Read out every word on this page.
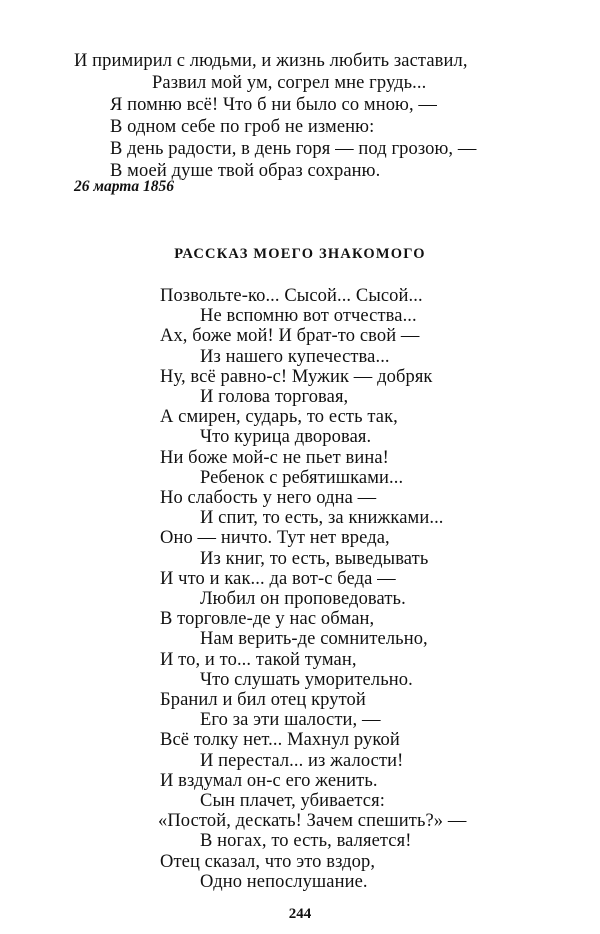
И примирил с людьми, и жизнь любить заставил,
Развил мой ум, согрел мне грудь...
Я помню всё! Что б ни было со мною, —
В одном себе по гроб не изменю:
В день радости, в день горя — под грозою, —
В моей душе твой образ сохраню.
26 марта 1856
РАССКАЗ МОЕГО ЗНАКОМОГО
Позвольте-ко... Сысой... Сысой...
Не вспомню вот отчества...
Ах, боже мой! И брат-то свой —
Из нашего купечества...
Ну, всё равно-с! Мужик — добряк
И голова торговая,
А смирен, сударь, то есть так,
Что курица дворовая.
Ни боже мой-с не пьет вина!
Ребенок с ребятишками...
Но слабость у него одна —
И спит, то есть, за книжками...
Оно — ничто. Тут нет вреда,
Из книг, то есть, выведывать
И что и как... да вот-с беда —
Любил он проповедовать.
В торговле-де у нас обман,
Нам верить-де сомнительно,
И то, и то... такой туман,
Что слушать уморительно.
Бранил и бил отец крутой
Его за эти шалости, —
Всё толку нет... Махнул рукой
И перестал... из жалости!
И вздумал он-с его женить.
Сын плачет, убивается:
«Постой, дескать! Зачем спешить?» —
В ногах, то есть, валяется!
Отец сказал, что это вздор,
Одно непослушание.
244
